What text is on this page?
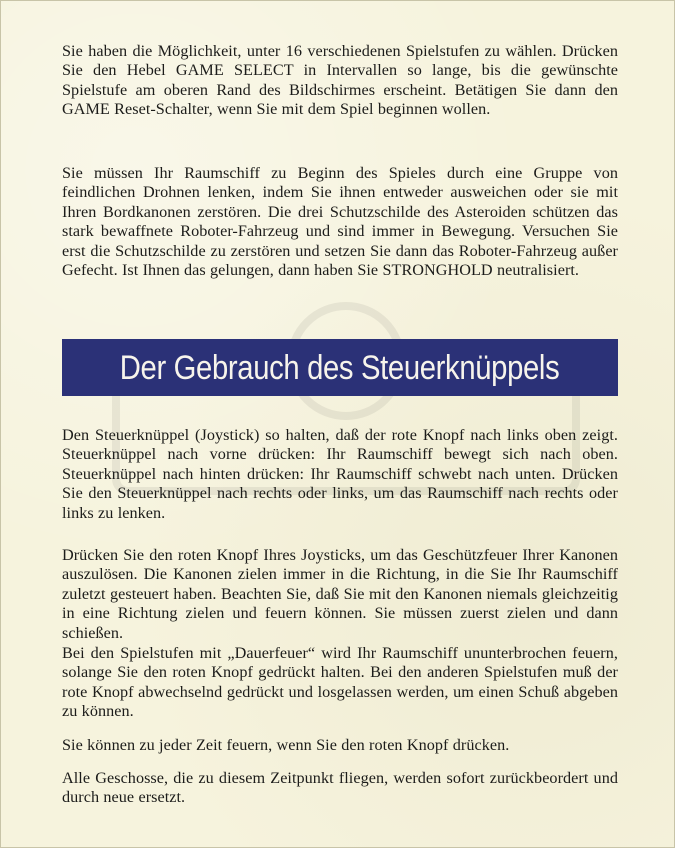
Sie haben die Möglichkeit, unter 16 verschiedenen Spielstufen zu wählen. Drücken Sie den Hebel GAME SELECT in Intervallen so lange, bis die gewünschte Spielstufe am oberen Rand des Bildschirmes erscheint. Betätigen Sie dann den GAME Reset-Schalter, wenn Sie mit dem Spiel beginnen wollen.

Sie müssen Ihr Raumschiff zu Beginn des Spieles durch eine Gruppe von feindlichen Drohnen lenken, indem Sie ihnen entweder ausweichen oder sie mit Ihren Bordkanonen zerstören. Die drei Schutzschilde des Asteroiden schützen das stark bewaffnete Roboter-Fahrzeug und sind immer in Bewegung. Versuchen Sie erst die Schutzschilde zu zerstören und setzen Sie dann das Roboter-Fahrzeug außer Gefecht. Ist Ihnen das gelungen, dann haben Sie STRONGHOLD neutralisiert.

Der Gebrauch des Steuerknüppels

Den Steuerknüppel (Joystick) so halten, daß der rote Knopf nach links oben zeigt. Steuerknüppel nach vorne drücken: Ihr Raumschiff bewegt sich nach oben. Steuerknüppel nach hinten drücken: Ihr Raumschiff schwebt nach unten. Drücken Sie den Steuerknüppel nach rechts oder links, um das Raumschiff nach rechts oder links zu lenken.

Drücken Sie den roten Knopf Ihres Joysticks, um das Geschützfeuer Ihrer Kanonen auszulösen. Die Kanonen zielen immer in die Richtung, in die Sie Ihr Raumschiff zuletzt gesteuert haben. Beachten Sie, daß Sie mit den Kanonen niemals gleichzeitig in eine Richtung zielen und feuern können. Sie müssen zuerst zielen und dann schießen.

Bei den Spielstufen mit „Dauerfeuer“ wird Ihr Raumschiff ununterbrochen feuern, solange Sie den roten Knopf gedrückt halten. Bei den anderen Spielstufen muß der rote Knopf abwechselnd gedrückt und losgelassen werden, um einen Schuß abgeben zu können.

Sie können zu jeder Zeit feuern, wenn Sie den roten Knopf drücken.

Alle Geschosse, die zu diesem Zeitpunkt fliegen, werden sofort zurückbeordert und durch neue ersetzt.
